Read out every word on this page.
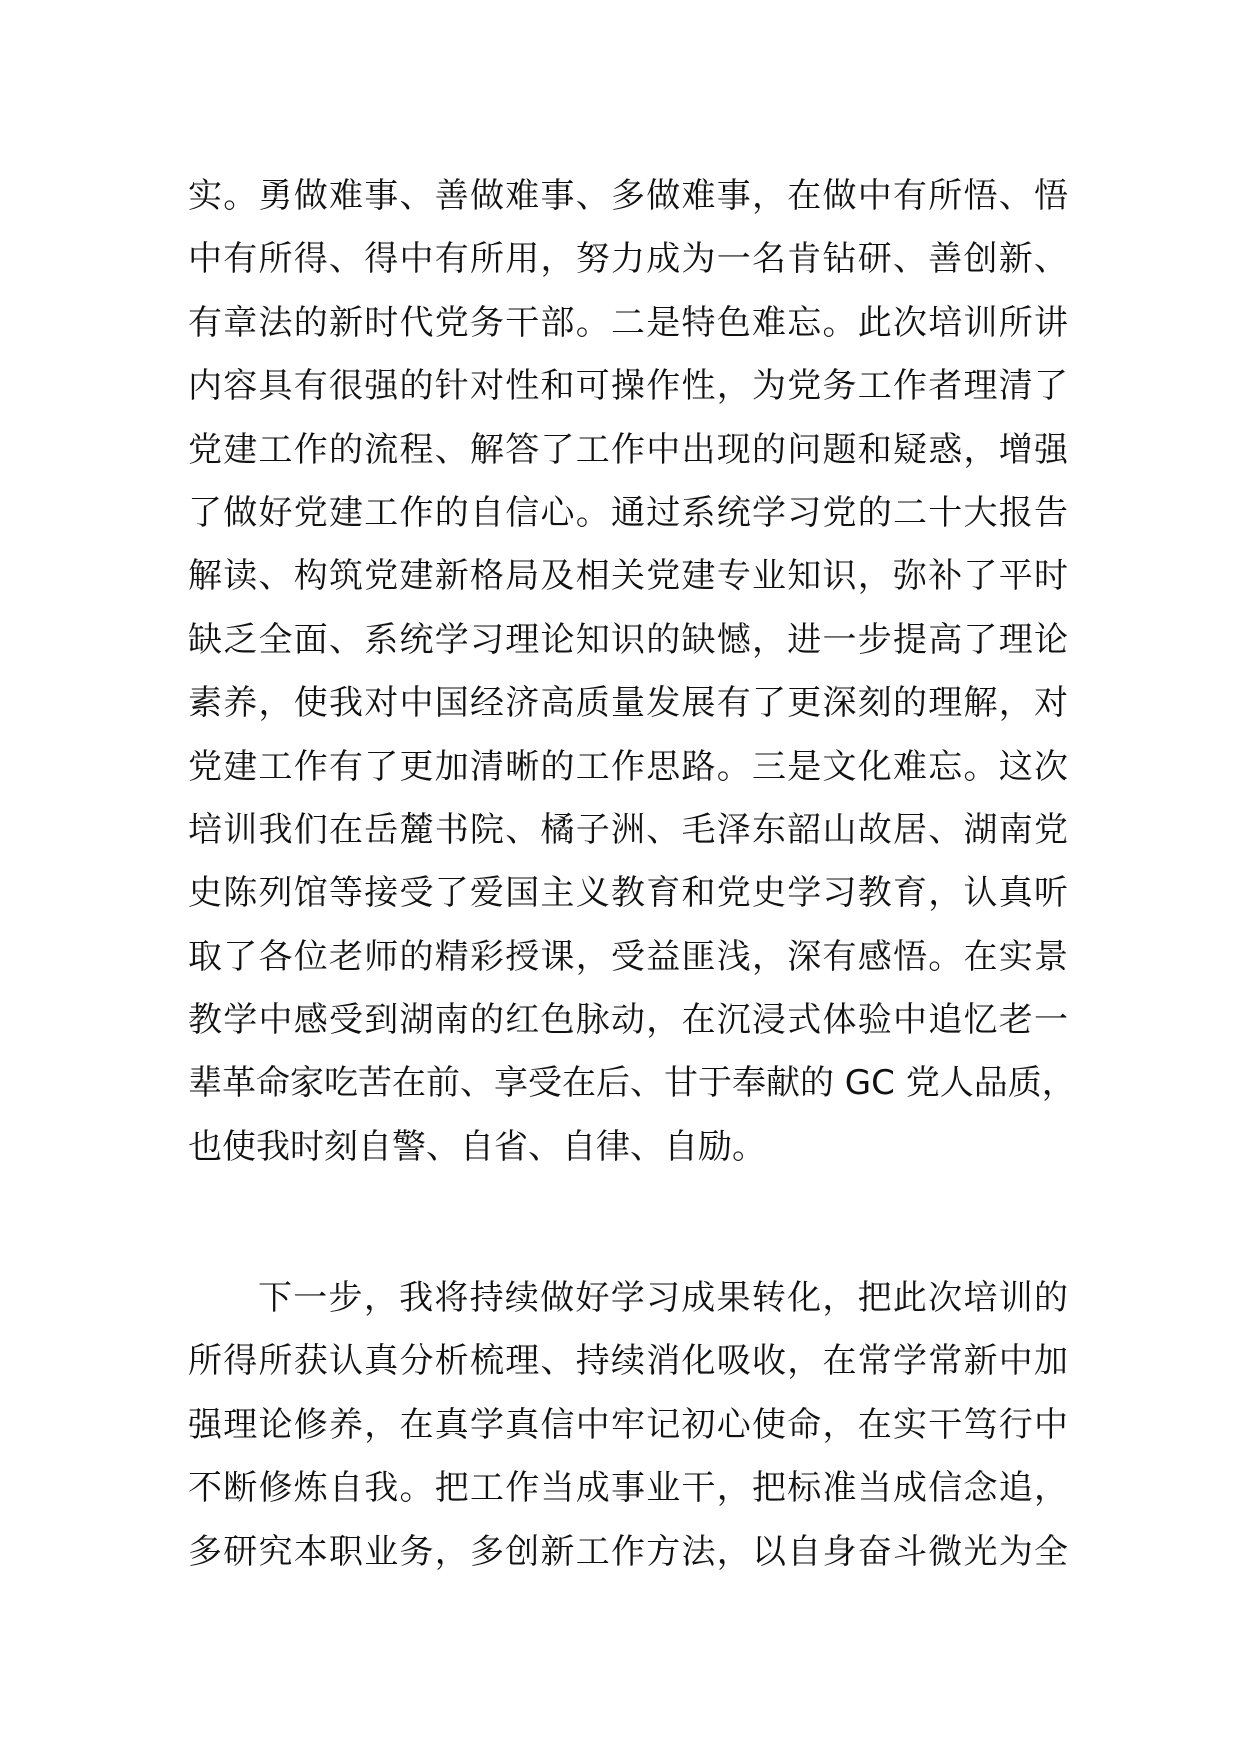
实。勇做难事、善做难事、多做难事，在做中有所悟、悟
中有所得、得中有所用，努力成为一名肯钻研、善创新、
有章法的新时代党务干部。二是特色难忘。此次培训所讲
内容具有很强的针对性和可操作性，为党务工作者理清了
党建工作的流程、解答了工作中出现的问题和疑惑，增强
了做好党建工作的自信心。通过系统学习党的二十大报告
解读、构筑党建新格局及相关党建专业知识，弥补了平时
缺乏全面、系统学习理论知识的缺憾，进一步提高了理论
素养，使我对中国经济高质量发展有了更深刻的理解，对
党建工作有了更加清晰的工作思路。三是文化难忘。这次
培训我们在岳麓书院、橘子洲、毛泽东韶山故居、湖南党
史陈列馆等接受了爱国主义教育和党史学习教育，认真听
取了各位老师的精彩授课，受益匪浅，深有感悟。在实景
教学中感受到湖南的红色脉动，在沉浸式体验中追忆老一
辈革命家吃苦在前、享受在后、甘于奉献的 GC 党人品质，
也使我时刻自警、自省、自律、自励。
下一步，我将持续做好学习成果转化，把此次培训的
所得所获认真分析梳理、持续消化吸收，在常学常新中加
强理论修养，在真学真信中牢记初心使命，在实干笃行中
不断修炼自我。把工作当成事业干，把标准当成信念追，
多研究本职业务，多创新工作方法，以自身奋斗微光为全
